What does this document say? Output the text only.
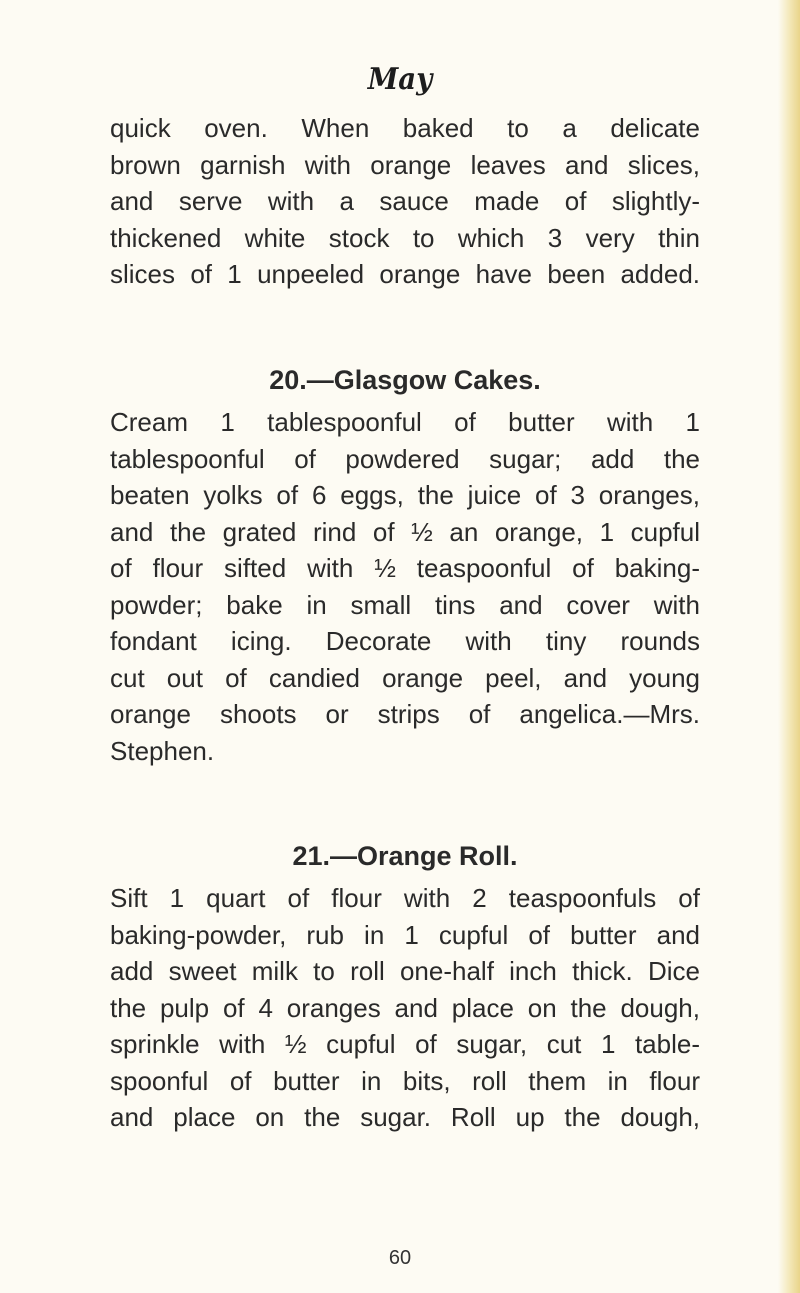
May
quick oven. When baked to a delicate
brown garnish with orange leaves and slices,
and serve with a sauce made of slightly-
thickened white stock to which 3 very thin
slices of 1 unpeeled orange have been added.
20.—Glasgow Cakes.
Cream 1 tablespoonful of butter with 1
tablespoonful of powdered sugar; add the
beaten yolks of 6 eggs, the juice of 3 oranges,
and the grated rind of ½ an orange, 1 cupful
of flour sifted with ½ teaspoonful of baking-
powder; bake in small tins and cover with
fondant icing. Decorate with tiny rounds
cut out of candied orange peel, and young
orange shoots or strips of angelica.—Mrs.
Stephen.
21.—Orange Roll.
Sift 1 quart of flour with 2 teaspoonfuls of
baking-powder, rub in 1 cupful of butter and
add sweet milk to roll one-half inch thick. Dice
the pulp of 4 oranges and place on the dough,
sprinkle with ½ cupful of sugar, cut 1 table-
spoonful of butter in bits, roll them in flour
and place on the sugar. Roll up the dough,
60
